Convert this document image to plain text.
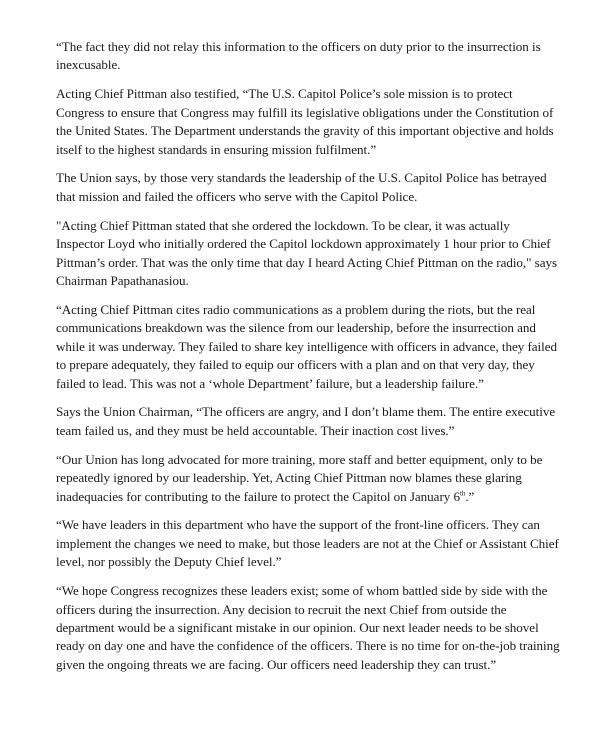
“The fact they did not relay this information to the officers on duty prior to the insurrection is inexcusable.

Acting Chief Pittman also testified, “The U.S. Capitol Police’s sole mission is to protect Congress to ensure that Congress may fulfill its legislative obligations under the Constitution of the United States. The Department understands the gravity of this important objective and holds itself to the highest standards in ensuring mission fulfilment.”

The Union says, by those very standards the leadership of the U.S. Capitol Police has betrayed that mission and failed the officers who serve with the Capitol Police.

"Acting Chief Pittman stated that she ordered the lockdown. To be clear, it was actually Inspector Loyd who initially ordered the Capitol lockdown approximately 1 hour prior to Chief Pittman’s order. That was the only time that day I heard Acting Chief Pittman on the radio," says Chairman Papathanasiou.

“Acting Chief Pittman cites radio communications as a problem during the riots, but the real communications breakdown was the silence from our leadership, before the insurrection and while it was underway. They failed to share key intelligence with officers in advance, they failed to prepare adequately, they failed to equip our officers with a plan and on that very day, they failed to lead. This was not a ‘whole Department’ failure, but a leadership failure.”

Says the Union Chairman, “The officers are angry, and I don’t blame them. The entire executive team failed us, and they must be held accountable. Their inaction cost lives.”

“Our Union has long advocated for more training, more staff and better equipment, only to be repeatedly ignored by our leadership. Yet, Acting Chief Pittman now blames these glaring inadequacies for contributing to the failure to protect the Capitol on January 6th.”

“We have leaders in this department who have the support of the front-line officers. They can implement the changes we need to make, but those leaders are not at the Chief or Assistant Chief level, nor possibly the Deputy Chief level.”

“We hope Congress recognizes these leaders exist; some of whom battled side by side with the officers during the insurrection. Any decision to recruit the next Chief from outside the department would be a significant mistake in our opinion. Our next leader needs to be shovel ready on day one and have the confidence of the officers. There is no time for on-the-job training given the ongoing threats we are facing. Our officers need leadership they can trust.”
